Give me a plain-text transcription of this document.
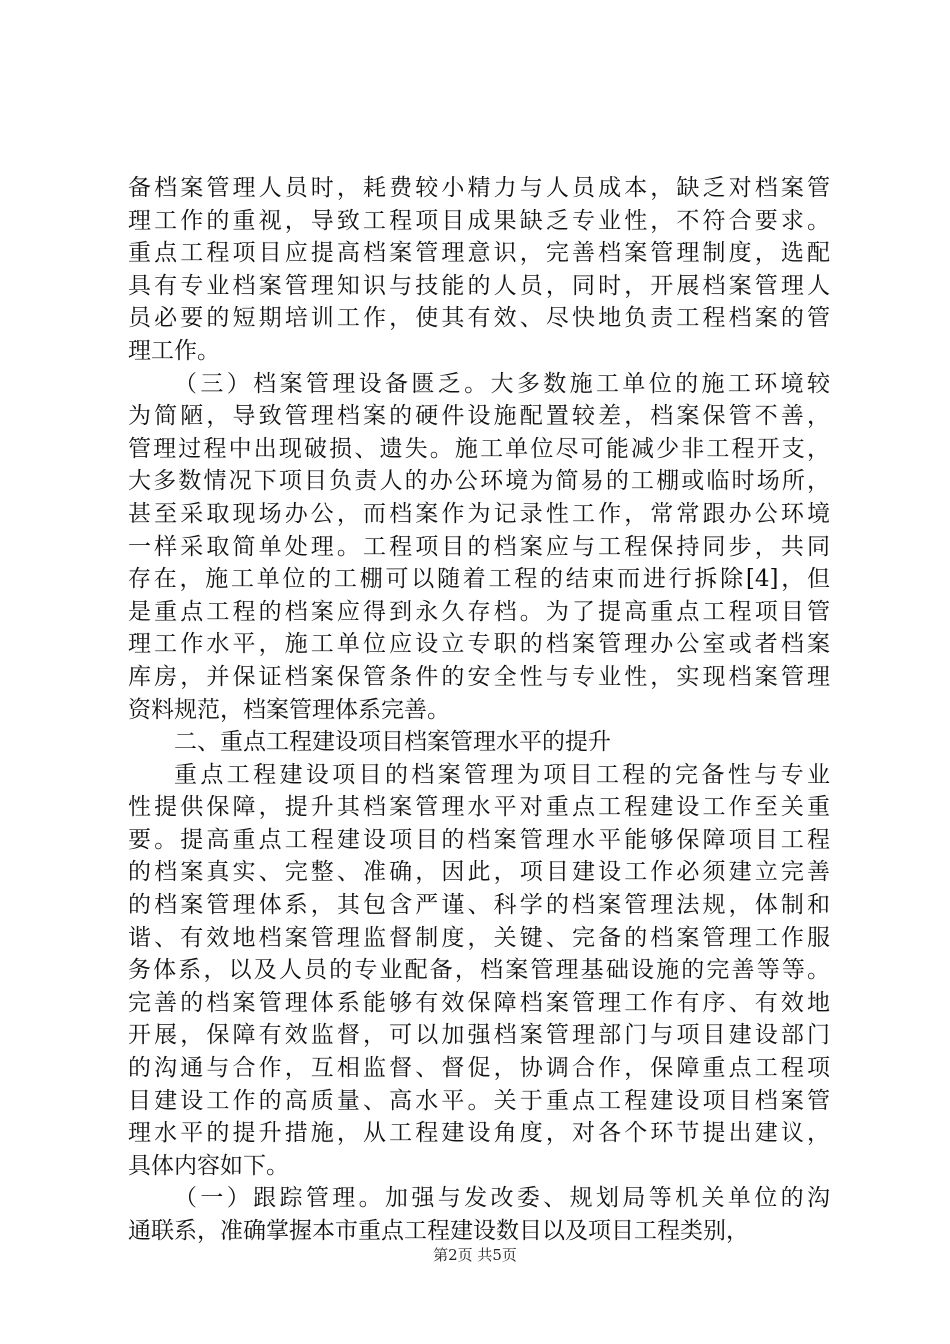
备档案管理人员时，耗费较小精力与人员成本，缺乏对档案管
理工作的重视，导致工程项目成果缺乏专业性，不符合要求。
重点工程项目应提高档案管理意识，完善档案管理制度，选配
具有专业档案管理知识与技能的人员，同时，开展档案管理人
员必要的短期培训工作，使其有效、尽快地负责工程档案的管
理工作。
（三）档案管理设备匮乏。大多数施工单位的施工环境较
为简陋，导致管理档案的硬件设施配置较差，档案保管不善，
管理过程中出现破损、遗失。施工单位尽可能减少非工程开支，
大多数情况下项目负责人的办公环境为简易的工棚或临时场所，
甚至采取现场办公，而档案作为记录性工作，常常跟办公环境
一样采取简单处理。工程项目的档案应与工程保持同步，共同
存在，施工单位的工棚可以随着工程的结束而进行拆除[4]，但
是重点工程的档案应得到永久存档。为了提高重点工程项目管
理工作水平，施工单位应设立专职的档案管理办公室或者档案
库房，并保证档案保管条件的安全性与专业性，实现档案管理
资料规范，档案管理体系完善。
二、重点工程建设项目档案管理水平的提升
重点工程建设项目的档案管理为项目工程的完备性与专业
性提供保障，提升其档案管理水平对重点工程建设工作至关重
要。提高重点工程建设项目的档案管理水平能够保障项目工程
的档案真实、完整、准确，因此，项目建设工作必须建立完善
的档案管理体系，其包含严谨、科学的档案管理法规，体制和
谐、有效地档案管理监督制度，关键、完备的档案管理工作服
务体系，以及人员的专业配备，档案管理基础设施的完善等等。
完善的档案管理体系能够有效保障档案管理工作有序、有效地
开展，保障有效监督，可以加强档案管理部门与项目建设部门
的沟通与合作，互相监督、督促，协调合作，保障重点工程项
目建设工作的高质量、高水平。关于重点工程建设项目档案管
理水平的提升措施，从工程建设角度，对各个环节提出建议，
具体内容如下。
（一）跟踪管理。加强与发改委、规划局等机关单位的沟
通联系，准确掌握本市重点工程建设数目以及项目工程类别，
第2页 共5页
